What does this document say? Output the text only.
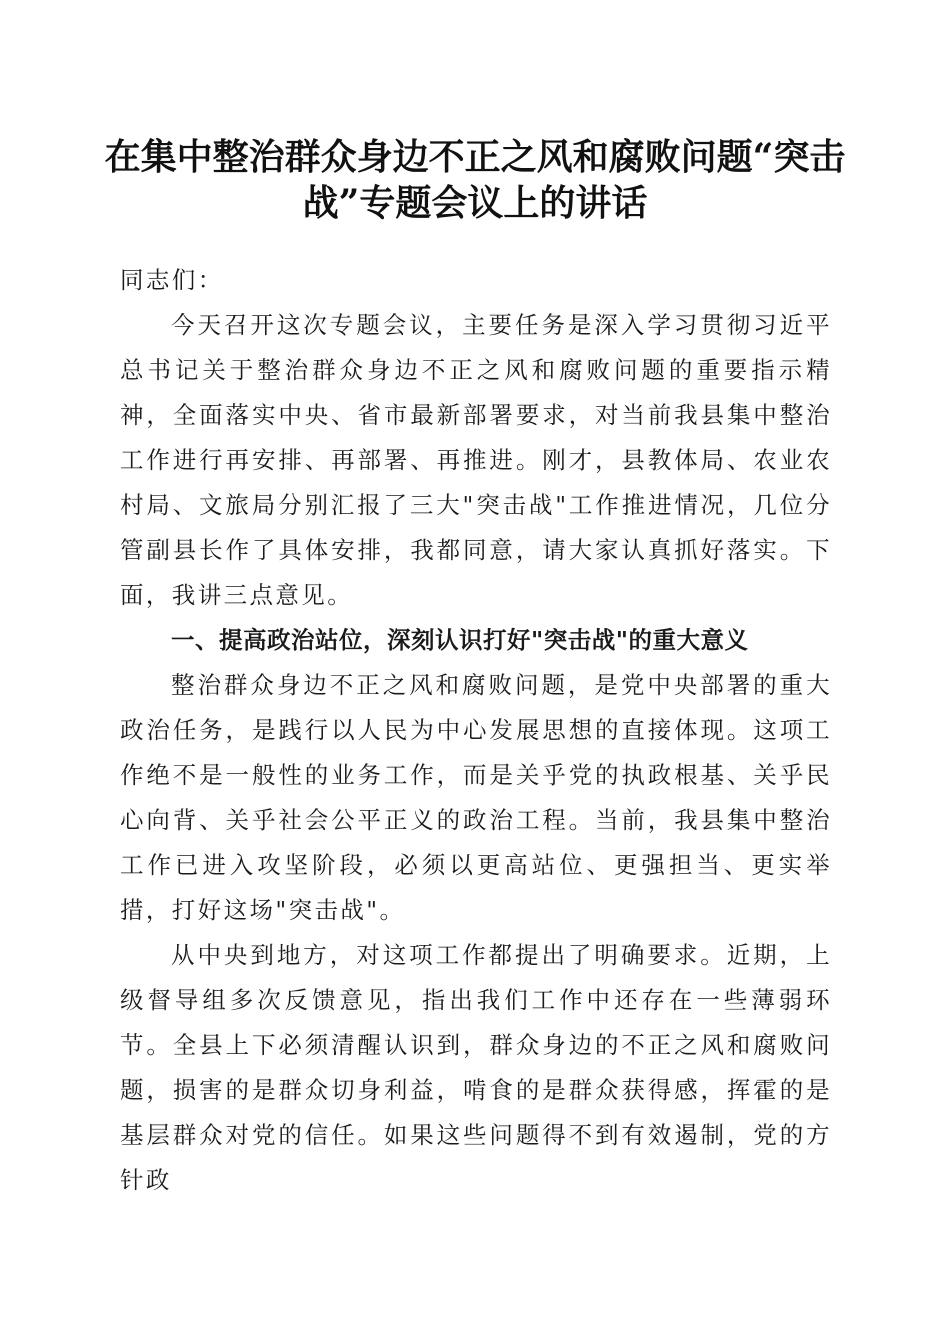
在集中整治群众身边不正之风和腐败问题“突击战”专题会议上的讲话

同志们：

今天召开这次专题会议，主要任务是深入学习贯彻习近平总书记关于整治群众身边不正之风和腐败问题的重要指示精神，全面落实中央、省市最新部署要求，对当前我县集中整治工作进行再安排、再部署、再推进。刚才，县教体局、农业农村局、文旅局分别汇报了三大"突击战"工作推进情况，几位分管副县长作了具体安排，我都同意，请大家认真抓好落实。下面，我讲三点意见。

一、提高政治站位，深刻认识打好"突击战"的重大意义

整治群众身边不正之风和腐败问题，是党中央部署的重大政治任务，是践行以人民为中心发展思想的直接体现。这项工作绝不是一般性的业务工作，而是关乎党的执政根基、关乎民心向背、关乎社会公平正义的政治工程。当前，我县集中整治工作已进入攻坚阶段，必须以更高站位、更强担当、更实举措，打好这场"突击战"。

从中央到地方，对这项工作都提出了明确要求。近期，上级督导组多次反馈意见，指出我们工作中还存在一些薄弱环节。全县上下必须清醒认识到，群众身边的不正之风和腐败问题，损害的是群众切身利益，啃食的是群众获得感，挥霍的是基层群众对党的信任。如果这些问题得不到有效遏制，党的方针政
